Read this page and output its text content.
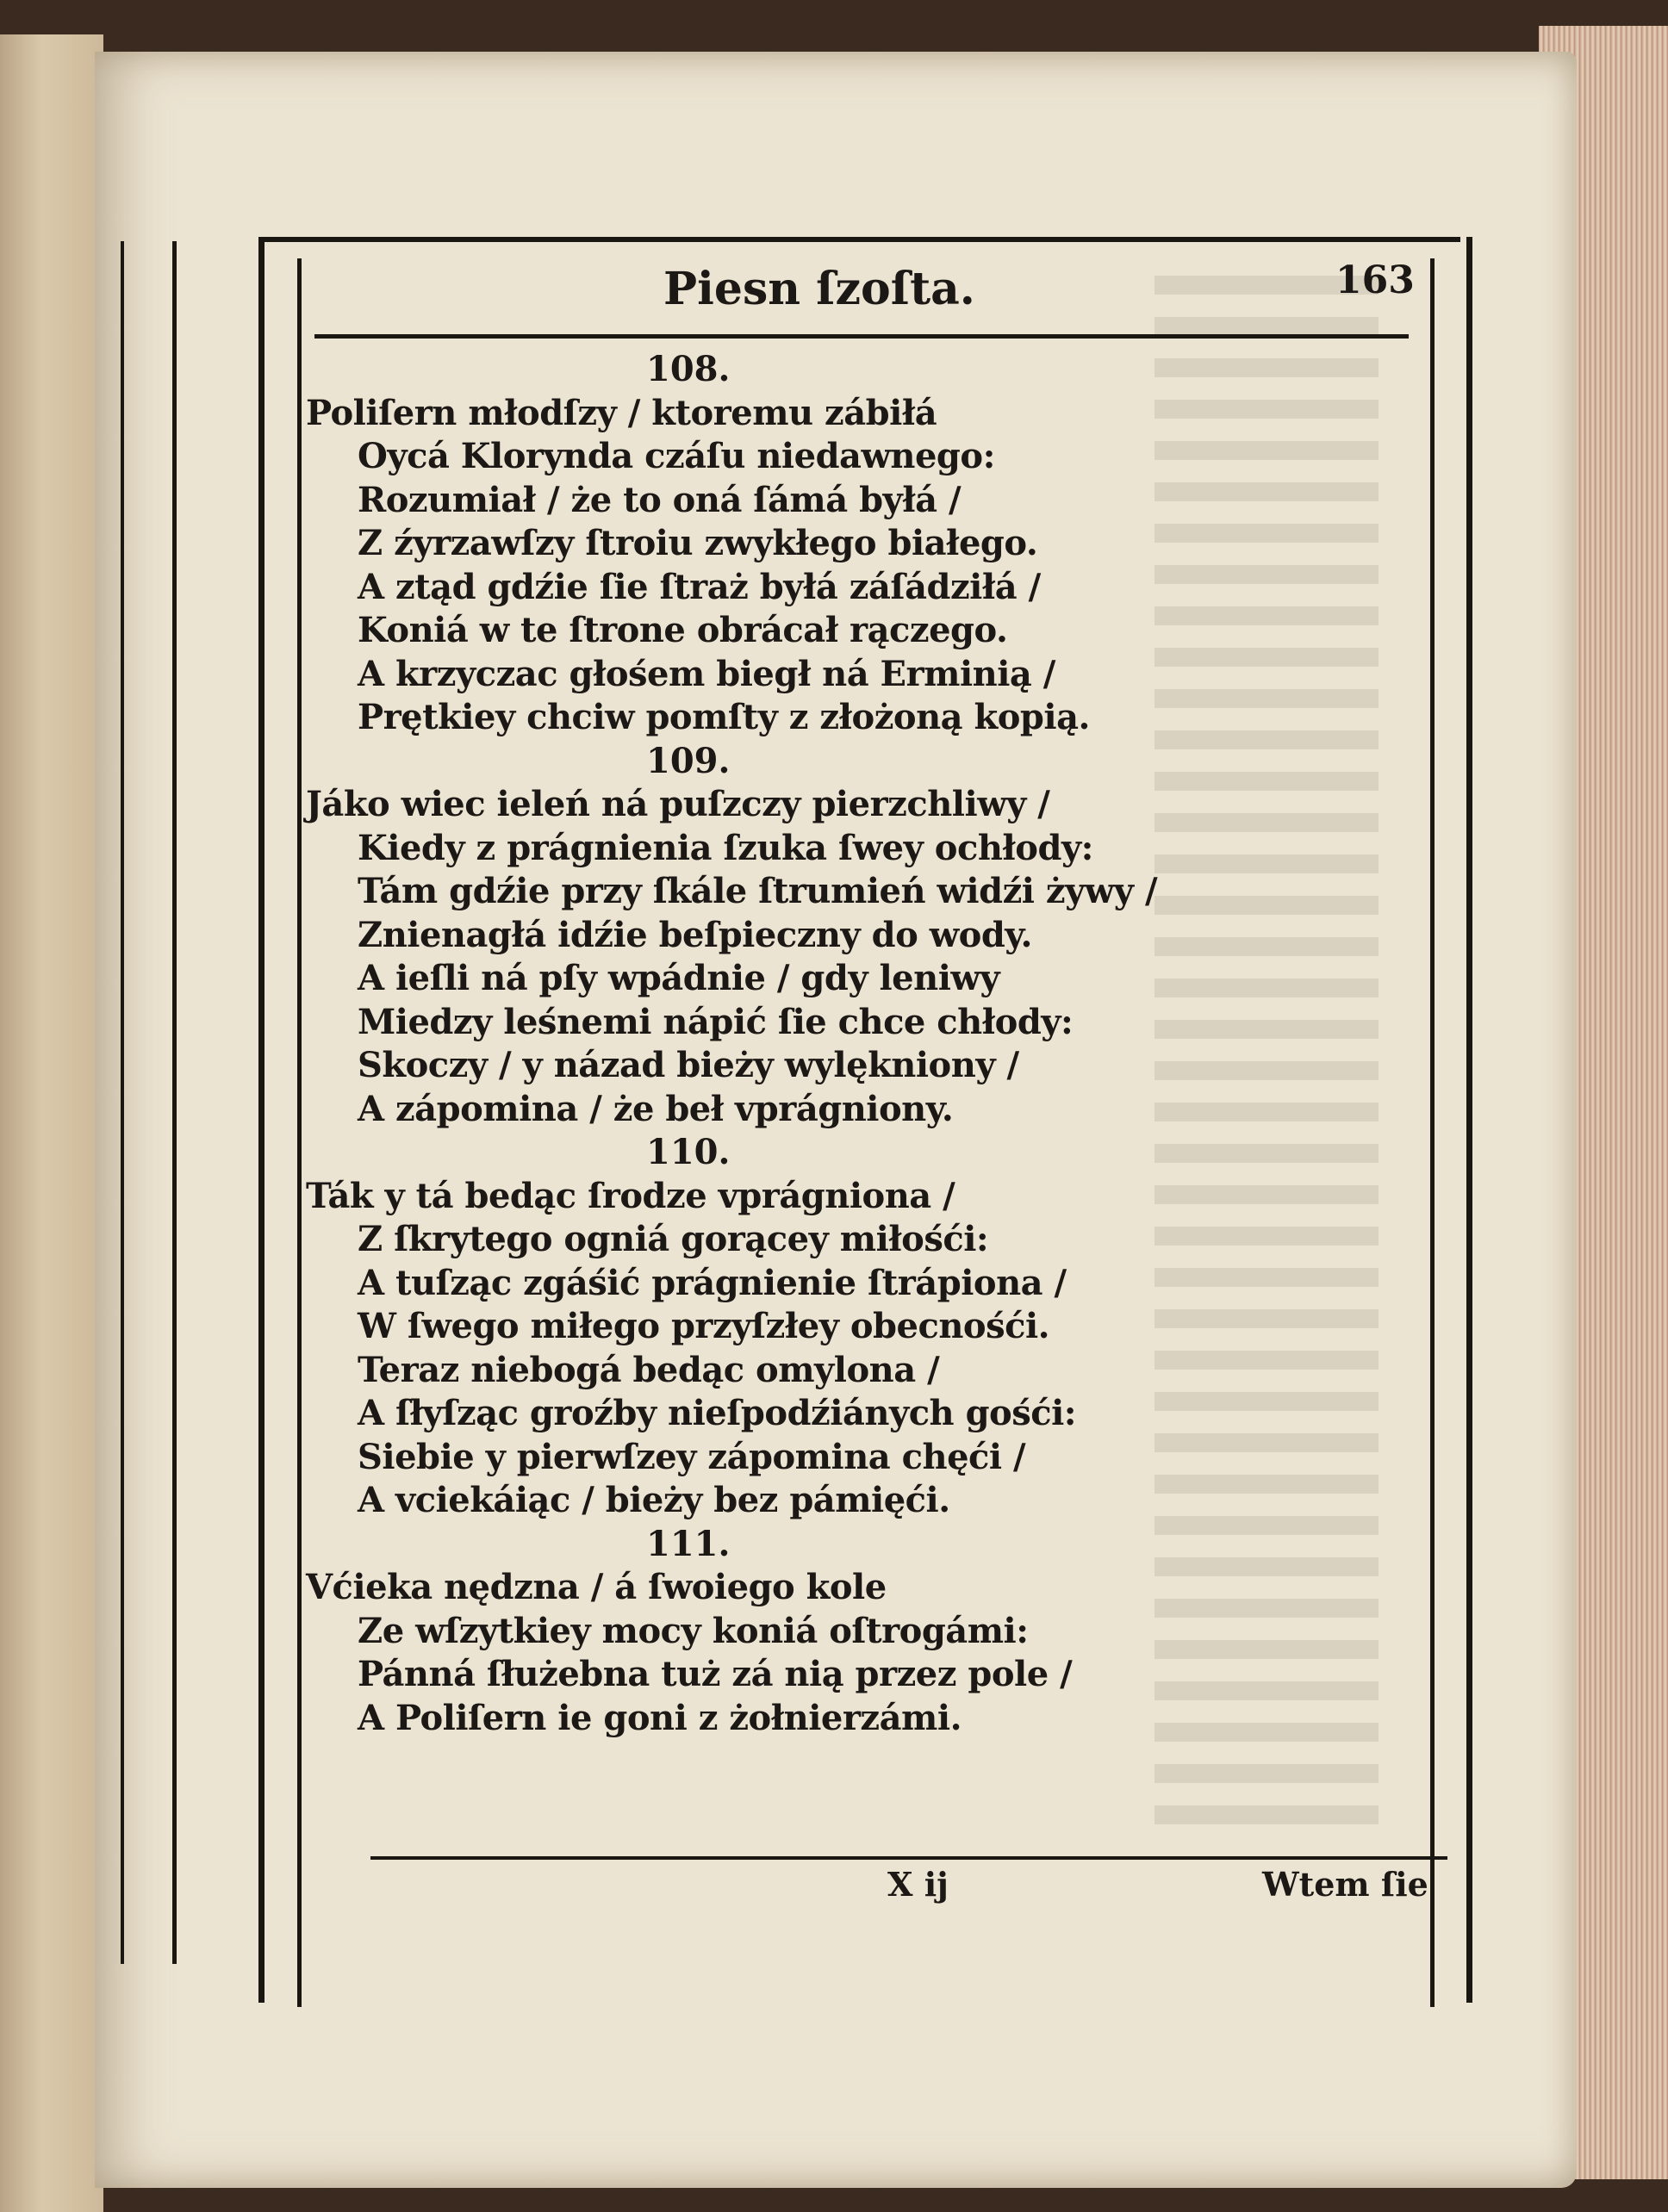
Piesn ſzoſta.	163
108.
Poliſern młodſzy / ktoremu zábiłá
Oycá Klorynda czáſu niedawnego:
Rozumiał / że to oná ſámá byłá /
Z źyrzawſzy ſtroiu zwykłego białego.
A ztąd gdźie ſie ſtraż byłá záſádziłá /
Koniá w te ſtrone obrácał rączego.
A krzyczac głośem biegł ná Erminią /
Prętkiey chciw pomſty z złożoną kopią.
109.
Jáko wiec ieleń ná puſzczy pierzchliwy /
Kiedy z prágnienia ſzuka ſwey ochłody:
Tám gdźie przy ſkále ſtrumień widźi żywy /
Znienagłá idźie beſpieczny do wody.
A ieſli ná pſy wpádnie / gdy leniwy
Miedzy leśnemi nápić ſie chce chłody:
Skoczy / y názad bieży wylękniony /
A zápomina / że beł vprágniony.
110.
Ták y tá bedąc ſrodze vprágniona /
Z ſkrytego ogniá gorącey miłośći:
A tuſząc zgáśić prágnienie ſtrápiona /
W ſwego miłego przyſzłey obecnośći.
Teraz niebogá bedąc omylona /
A ſłyſząc groźby nieſpodźiánych gośći:
Siebie y pierwſzey zápomina chęći /
A vciekáiąc / bieży bez pámięći.
111.
Vćieka nędzna / á ſwoiego kole
Ze wſzytkiey mocy koniá oſtrogámi:
Pánná ſłużebna tuż zá nią przez pole /
A Poliſern ie goni z żołnierzámi.
X ij	Wtem ſie
